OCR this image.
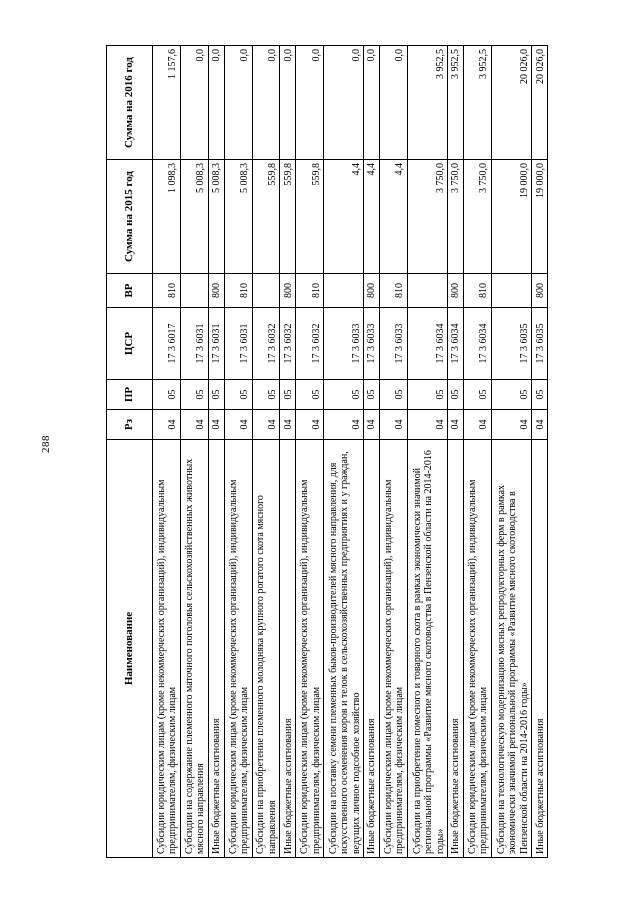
288
Наименование	Рз	ПР	ЦСР	ВР	Сумма на 2015 год	Сумма на 2016 год
Субсидии юридическим лицам (кроме некоммерческих организаций), индивидуальным предпринимателям, физическим лицам	04	05	17 3 6017	810	1 098,3	1 157,6
Субсидии на содержание племенного маточного поголовья сельскохозяйственных животных мясного направления	04	05	17 3 6031		5 008,3	0,0
Иные бюджетные ассигнования	04	05	17 3 6031	800	5 008,3	0,0
Субсидии юридическим лицам (кроме некоммерческих организаций), индивидуальным предпринимателям, физическим лицам	04	05	17 3 6031	810	5 008,3	0,0
Субсидии на приобретение племенного молодняка крупного рогатого скота мясного направления	04	05	17 3 6032		559,8	0,0
Иные бюджетные ассигнования	04	05	17 3 6032	800	559,8	0,0
Субсидии юридическим лицам (кроме некоммерческих организаций), индивидуальным предпринимателям, физическим лицам	04	05	17 3 6032	810	559,8	0,0
Субсидии на поставку семени племенных быков-производителей мясного направления, для искусственного осеменения коров и телок в сельскохозяйственных предприятиях и у граждан, ведущих личное подсобное хозяйство	04	05	17 3 6033		4,4	0,0
Иные бюджетные ассигнования	04	05	17 3 6033	800	4,4	0,0
Субсидии юридическим лицам (кроме некоммерческих организаций), индивидуальным предпринимателям, физическим лицам	04	05	17 3 6033	810	4,4	0,0
Субсидии на приобретение помесного и товарного скота в рамках экономически значимой региональной программы «Развитие мясного скотоводства в Пензенской области на 2014-2016 годы»	04	05	17 3 6034		3 750,0	3 952,5
Иные бюджетные ассигнования	04	05	17 3 6034	800	3 750,0	3 952,5
Субсидии юридическим лицам (кроме некоммерческих организаций), индивидуальным предпринимателям, физическим лицам	04	05	17 3 6034	810	3 750,0	3 952,5
Субсидии на технологическую модернизацию мясных репродукторных ферм в рамках экономически значимой региональной программы «Развитие мясного скотоводства в Пензенской области на 2014-2016 годы»	04	05	17 3 6035		19 000,0	20 026,0
Иные бюджетные ассигнования	04	05	17 3 6035	800	19 000,0	20 026,0
